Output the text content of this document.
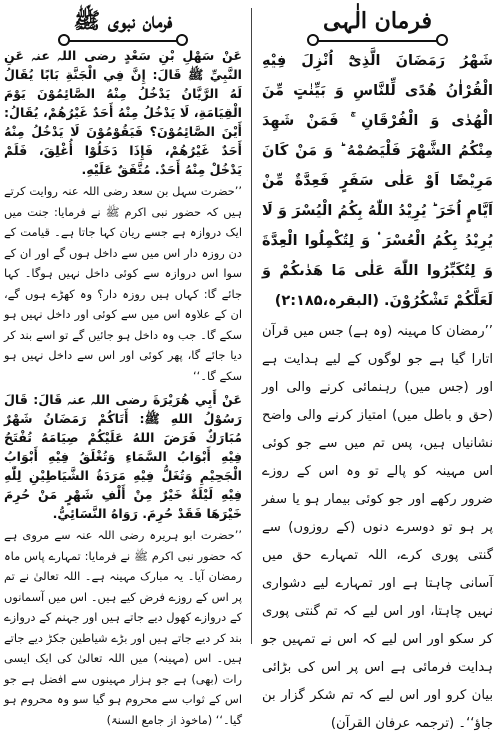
فرمان الٰہی

شَهْرُ رَمَضَانَ الَّذِیْٓ اُنْزِلَ فِیْهِ الْقُرْاٰنُ هُدًى لِّلنَّاسِ وَ بَیِّنٰتٍ مِّنَ الْهُدٰى وَ الْفُرْقَانِ ۚ فَمَنْ شَهِدَ مِنْكُمُ الشَّهْرَ فَلْیَصُمْهُ ؕ وَ مَنْ كَانَ مَرِیْضًا اَوْ عَلٰى سَفَرٍ فَعِدَّةٌ مِّنْ اَیَّامٍ اُخَرَ ؕ یُرِیْدُ اللّٰهُ بِكُمُ الْیُسْرَ وَ لَا یُرِیْدُ بِكُمُ الْعُسْرَ ۟ وَ لِتُكْمِلُوا الْعِدَّةَ وَ لِتُكَبِّرُوا اللّٰهَ عَلٰى مَا هَدٰىكُمْ وَ لَعَلَّكُمْ تَشْكُرُوْنَ. (البقرہ،۲:۱۸۵)

’’رمضان کا مہینہ (وہ ہے) جس میں قرآن اتارا گیا ہے جو لوگوں کے لیے ہدایت ہے اور (جس میں) رہنمائی کرنے والی اور (حق و باطل میں) امتیاز کرنے والی واضح نشانیاں ہیں، پس تم میں سے جو کوئی اس مہینہ کو پالے تو وہ اس کے روزے ضرور رکھے اور جو کوئی بیمار ہو یا سفر پر ہو تو دوسرے دنوں (کے روزوں) سے گنتی پوری کرے، اللہ تمہارے حق میں آسانی چاہتا ہے اور تمہارے لیے دشواری نہیں چاہتا، اور اس لیے کہ تم گنتی پوری کر سکو اور اس لیے کہ اس نے تمہیں جو ہدایت فرمائی ہے اس پر اس کی بڑائی بیان کرو اور اس لیے کہ تم شکر گزار بن جاؤ‘‘۔ (ترجمہ عرفان القرآن)

فرمان نبوی ﷺ

عَنْ سَهْلِ بْنِ سَعْدٍ رضی اللہ عنہ عَنِ النَّبِيِّ ﷺ قَالَ: إِنَّ فِي الْجَنَّةِ بَابًا يُقَالُ لَهُ الرَّيَّانُ يَدْخُلُ مِنْهُ الصَّائِمُوْنَ يَوْمَ الْقِيَامَةِ، لَا يَدْخُلُ مِنْهُ أَحَدٌ غَيْرُهُمْ، يُقَالُ: أَيْنَ الصَّائِمُوْنَ؟ فَيَقُوْمُوْنَ لَا يَدْخُلُ مِنْهُ أَحَدٌ غَيْرُهُمْ، فَإِذَا دَخَلُوْا أُغْلِقَ، فَلَمْ يَدْخُلْ مِنْهُ أَحَدٌ. مُتَّفَقٌ عَلَيْهِ.

’’حضرت سہل بن سعد رضی اللہ عنہ روایت کرتے ہیں کہ حضور نبی اکرم ﷺ نے فرمایا: جنت میں ایک دروازہ ہے جسے ریان کہا جاتا ہے۔ قیامت کے دن روزہ دار اس میں سے داخل ہوں گے اور ان کے سوا اس دروازہ سے کوئی داخل نہیں ہوگا۔ کہا جائے گا: کہاں ہیں روزہ دار؟ وہ کھڑے ہوں گے، ان کے علاوہ اس میں سے کوئی اور داخل نہیں ہو سکے گا۔ جب وہ داخل ہو جائیں گے تو اسے بند کر دیا جائے گا، پھر کوئی اور اس سے داخل نہیں ہو سکے گا۔‘‘

عَنْ أَبِي هُرَيْرَةَ رضی اللہ عنہ قَالَ: قَالَ رَسُوْلُ اللهِ ﷺ: أَتَاكُمْ رَمَضَانُ شَهْرٌ مُبَارَكٌ فَرَضَ اللهُ عَلَيْكُمْ صِيَامَهُ تُفْتَحُ فِيْهِ أَبْوَابُ السَّمَاءِ وَتُغْلَقُ فِيْهِ أَبْوَابُ الْجَحِيْمِ وَتُغَلُّ فِيْهِ مَرَدَةُ الشَّيَاطِيْنِ لِلّٰهِ فِيْهِ لَيْلَةٌ خَيْرٌ مِنْ أَلْفِ شَهْرٍ مَنْ حُرِمَ خَيْرَهَا فَقَدْ حُرِمَ. رَوَاهُ النَّسَائِيُّ.

’’حضرت ابو ہریرہ رضی اللہ عنہ سے مروی ہے کہ حضور نبی اکرم ﷺ نے فرمایا: تمہارے پاس ماہ رمضان آیا۔ یہ مبارک مہینہ ہے۔ اللہ تعالیٰ نے تم پر اس کے روزے فرض کیے ہیں۔ اس میں آسمانوں کے دروازے کھول دیے جاتے ہیں اور جہنم کے دروازے بند کر دیے جاتے ہیں اور بڑے شیاطین جکڑ دیے جاتے ہیں۔ اس (مہینہ) میں اللہ تعالیٰ کی ایک ایسی رات (بھی) ہے جو ہزار مہینوں سے افضل ہے جو اس کے ثواب سے محروم ہو گیا سو وہ محروم ہو گیا۔‘‘ (ماخوذ از جامع السنۃ)
